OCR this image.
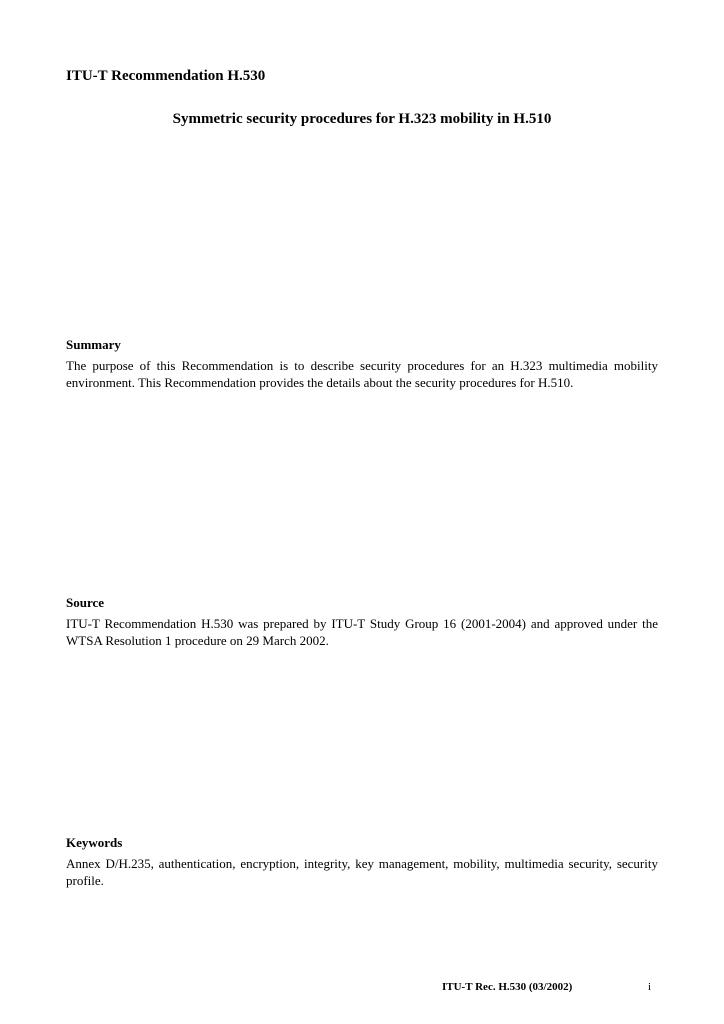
ITU-T Recommendation H.530
Symmetric security procedures for H.323 mobility in H.510
Summary

The purpose of this Recommendation is to describe security procedures for an H.323 multimedia mobility environment. This Recommendation provides the details about the security procedures for H.510.

Source

ITU-T Recommendation H.530 was prepared by ITU-T Study Group 16 (2001-2004) and approved under the WTSA Resolution 1 procedure on 29 March 2002.

Keywords

Annex D/H.235, authentication, encryption, integrity, key management, mobility, multimedia security, security profile.

ITU-T Rec. H.530 (03/2002)	i
